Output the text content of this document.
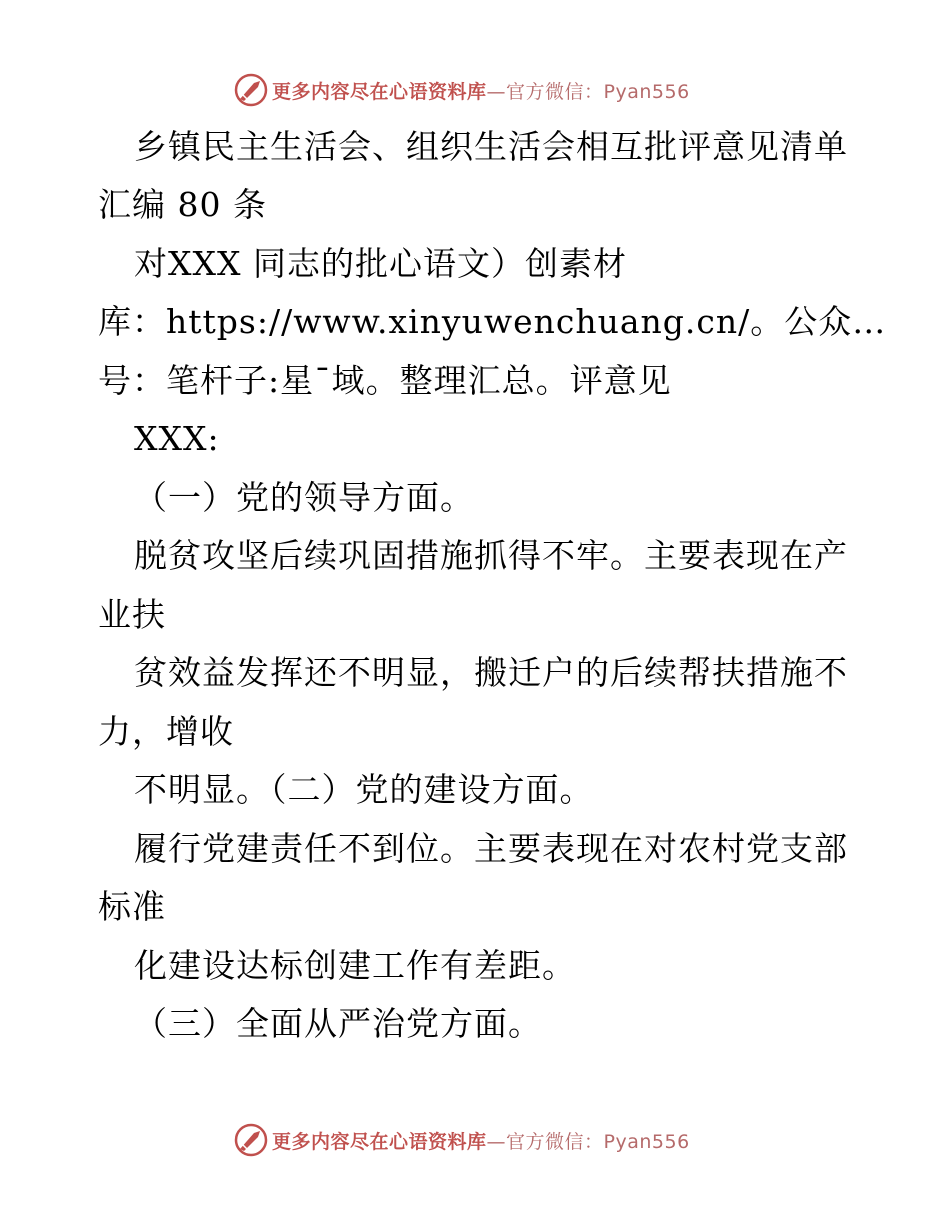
更多内容尽在心语资料库—官方微信：Pyan556
乡镇民主生活会、组织生活会相互批评意见清单
汇编 80 条
对XXX 同志的批心语文）创素材
库：https://www.xinyuwenchuang.cn/。公众…
号：笔杆子:星¯域。整理汇总。评意见
XXX:
（一）党的领导方面。
脱贫攻坚后续巩固措施抓得不牢。主要表现在产
业扶
贫效益发挥还不明显，搬迁户的后续帮扶措施不
力，增收
不明显。（二）党的建设方面。
履行党建责任不到位。主要表现在对农村党支部
标准
化建设达标创建工作有差距。
（三）全面从严治党方面。
更多内容尽在心语资料库—官方微信：Pyan556
